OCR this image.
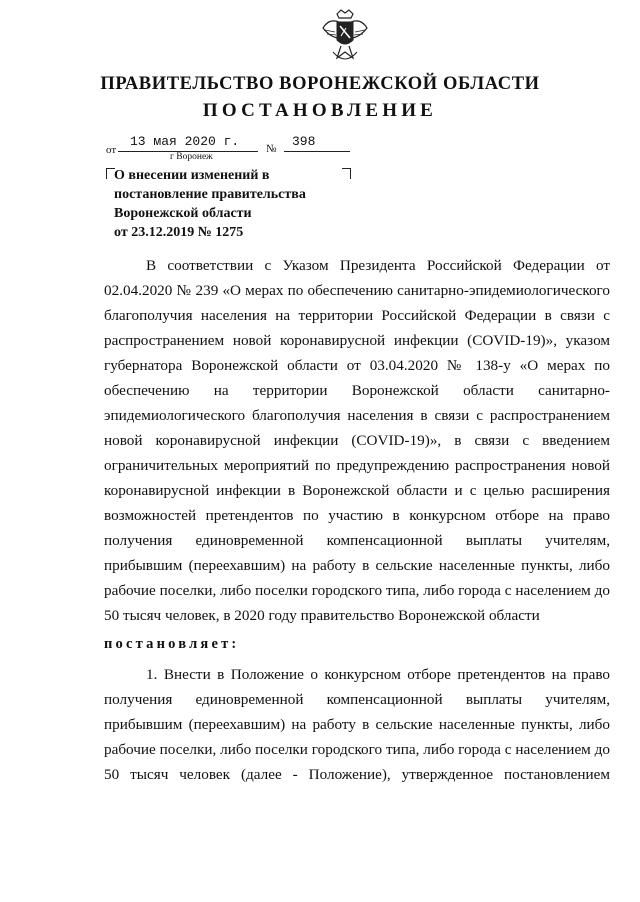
ПРАВИТЕЛЬСТВО ВОРОНЕЖСКОЙ ОБЛАСТИ
ПОСТАНОВЛЕНИЕ
от
13 мая 2020 г.
г Воронеж
№ 398
О внесении изменений в
постановление правительства
Воронежской области
от 23.12.2019 № 1275
В соответствии с Указом Президента Российской Федерации от
02.04.2020 № 239 «О мерах по обеспечению санитарно-эпидемиологического
благополучия населения на территории Российской Федерации в связи с
распространением новой коронавирусной инфекции (COVID-19)», указом
губернатора Воронежской области от 03.04.2020 № 138-у «О мерах по
обеспечению на территории Воронежской области санитарно-
эпидемиологического благополучия населения в связи с распространением
новой коронавирусной инфекции (COVID-19)», в связи с введением
ограничительных мероприятий по предупреждению распространения новой
коронавирусной инфекции в Воронежской области и с целью расширения
возможностей претендентов по участию в конкурсном отборе на право
получения единовременной компенсационной выплаты учителям,
прибывшим (переехавшим) на работу в сельские населенные пункты, либо
рабочие поселки, либо поселки городского типа, либо города с населением до
50 тысяч человек, в 2020 году правительство Воронежской области
постановляет:
1. Внести в Положение о конкурсном отборе претендентов на право
получения единовременной компенсационной выплаты учителям,
прибывшим (переехавшим) на работу в сельские населенные пункты, либо
рабочие поселки, либо поселки городского типа, либо города с населением до
50 тысяч человек (далее - Положение), утвержденное постановлением
